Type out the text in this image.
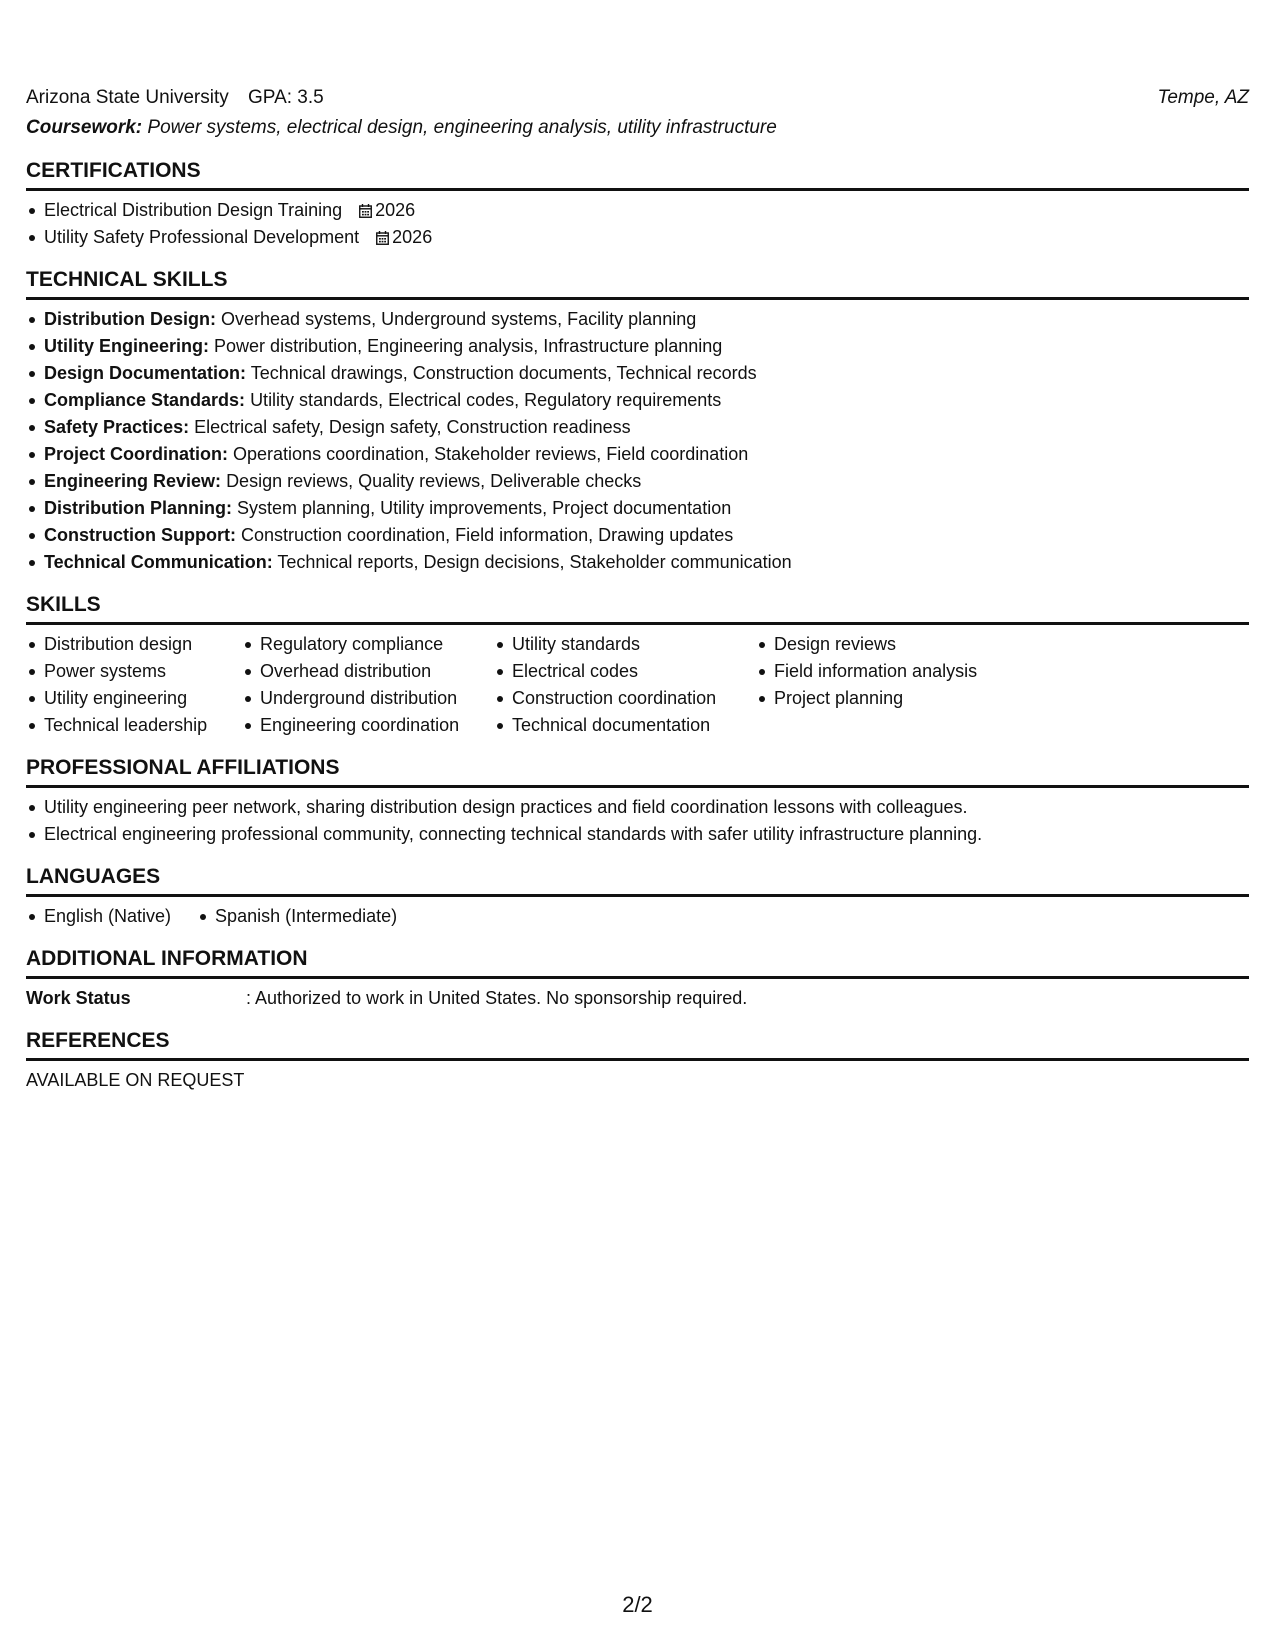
Arizona State University GPA: 3.5	Tempe, AZ
Coursework: Power systems, electrical design, engineering analysis, utility infrastructure
CERTIFICATIONS
Electrical Distribution Design Training 2026
Utility Safety Professional Development 2026
TECHNICAL SKILLS
Distribution Design: Overhead systems, Underground systems, Facility planning
Utility Engineering: Power distribution, Engineering analysis, Infrastructure planning
Design Documentation: Technical drawings, Construction documents, Technical records
Compliance Standards: Utility standards, Electrical codes, Regulatory requirements
Safety Practices: Electrical safety, Design safety, Construction readiness
Project Coordination: Operations coordination, Stakeholder reviews, Field coordination
Engineering Review: Design reviews, Quality reviews, Deliverable checks
Distribution Planning: System planning, Utility improvements, Project documentation
Construction Support: Construction coordination, Field information, Drawing updates
Technical Communication: Technical reports, Design decisions, Stakeholder communication
SKILLS
Distribution design
Power systems
Utility engineering
Technical leadership
Regulatory compliance
Overhead distribution
Underground distribution
Engineering coordination
Utility standards
Electrical codes
Construction coordination
Technical documentation
Design reviews
Field information analysis
Project planning
PROFESSIONAL AFFILIATIONS
Utility engineering peer network, sharing distribution design practices and field coordination lessons with colleagues.
Electrical engineering professional community, connecting technical standards with safer utility infrastructure planning.
LANGUAGES
English (Native)	Spanish (Intermediate)
ADDITIONAL INFORMATION
Work Status	: Authorized to work in United States. No sponsorship required.
REFERENCES
AVAILABLE ON REQUEST
2/2
